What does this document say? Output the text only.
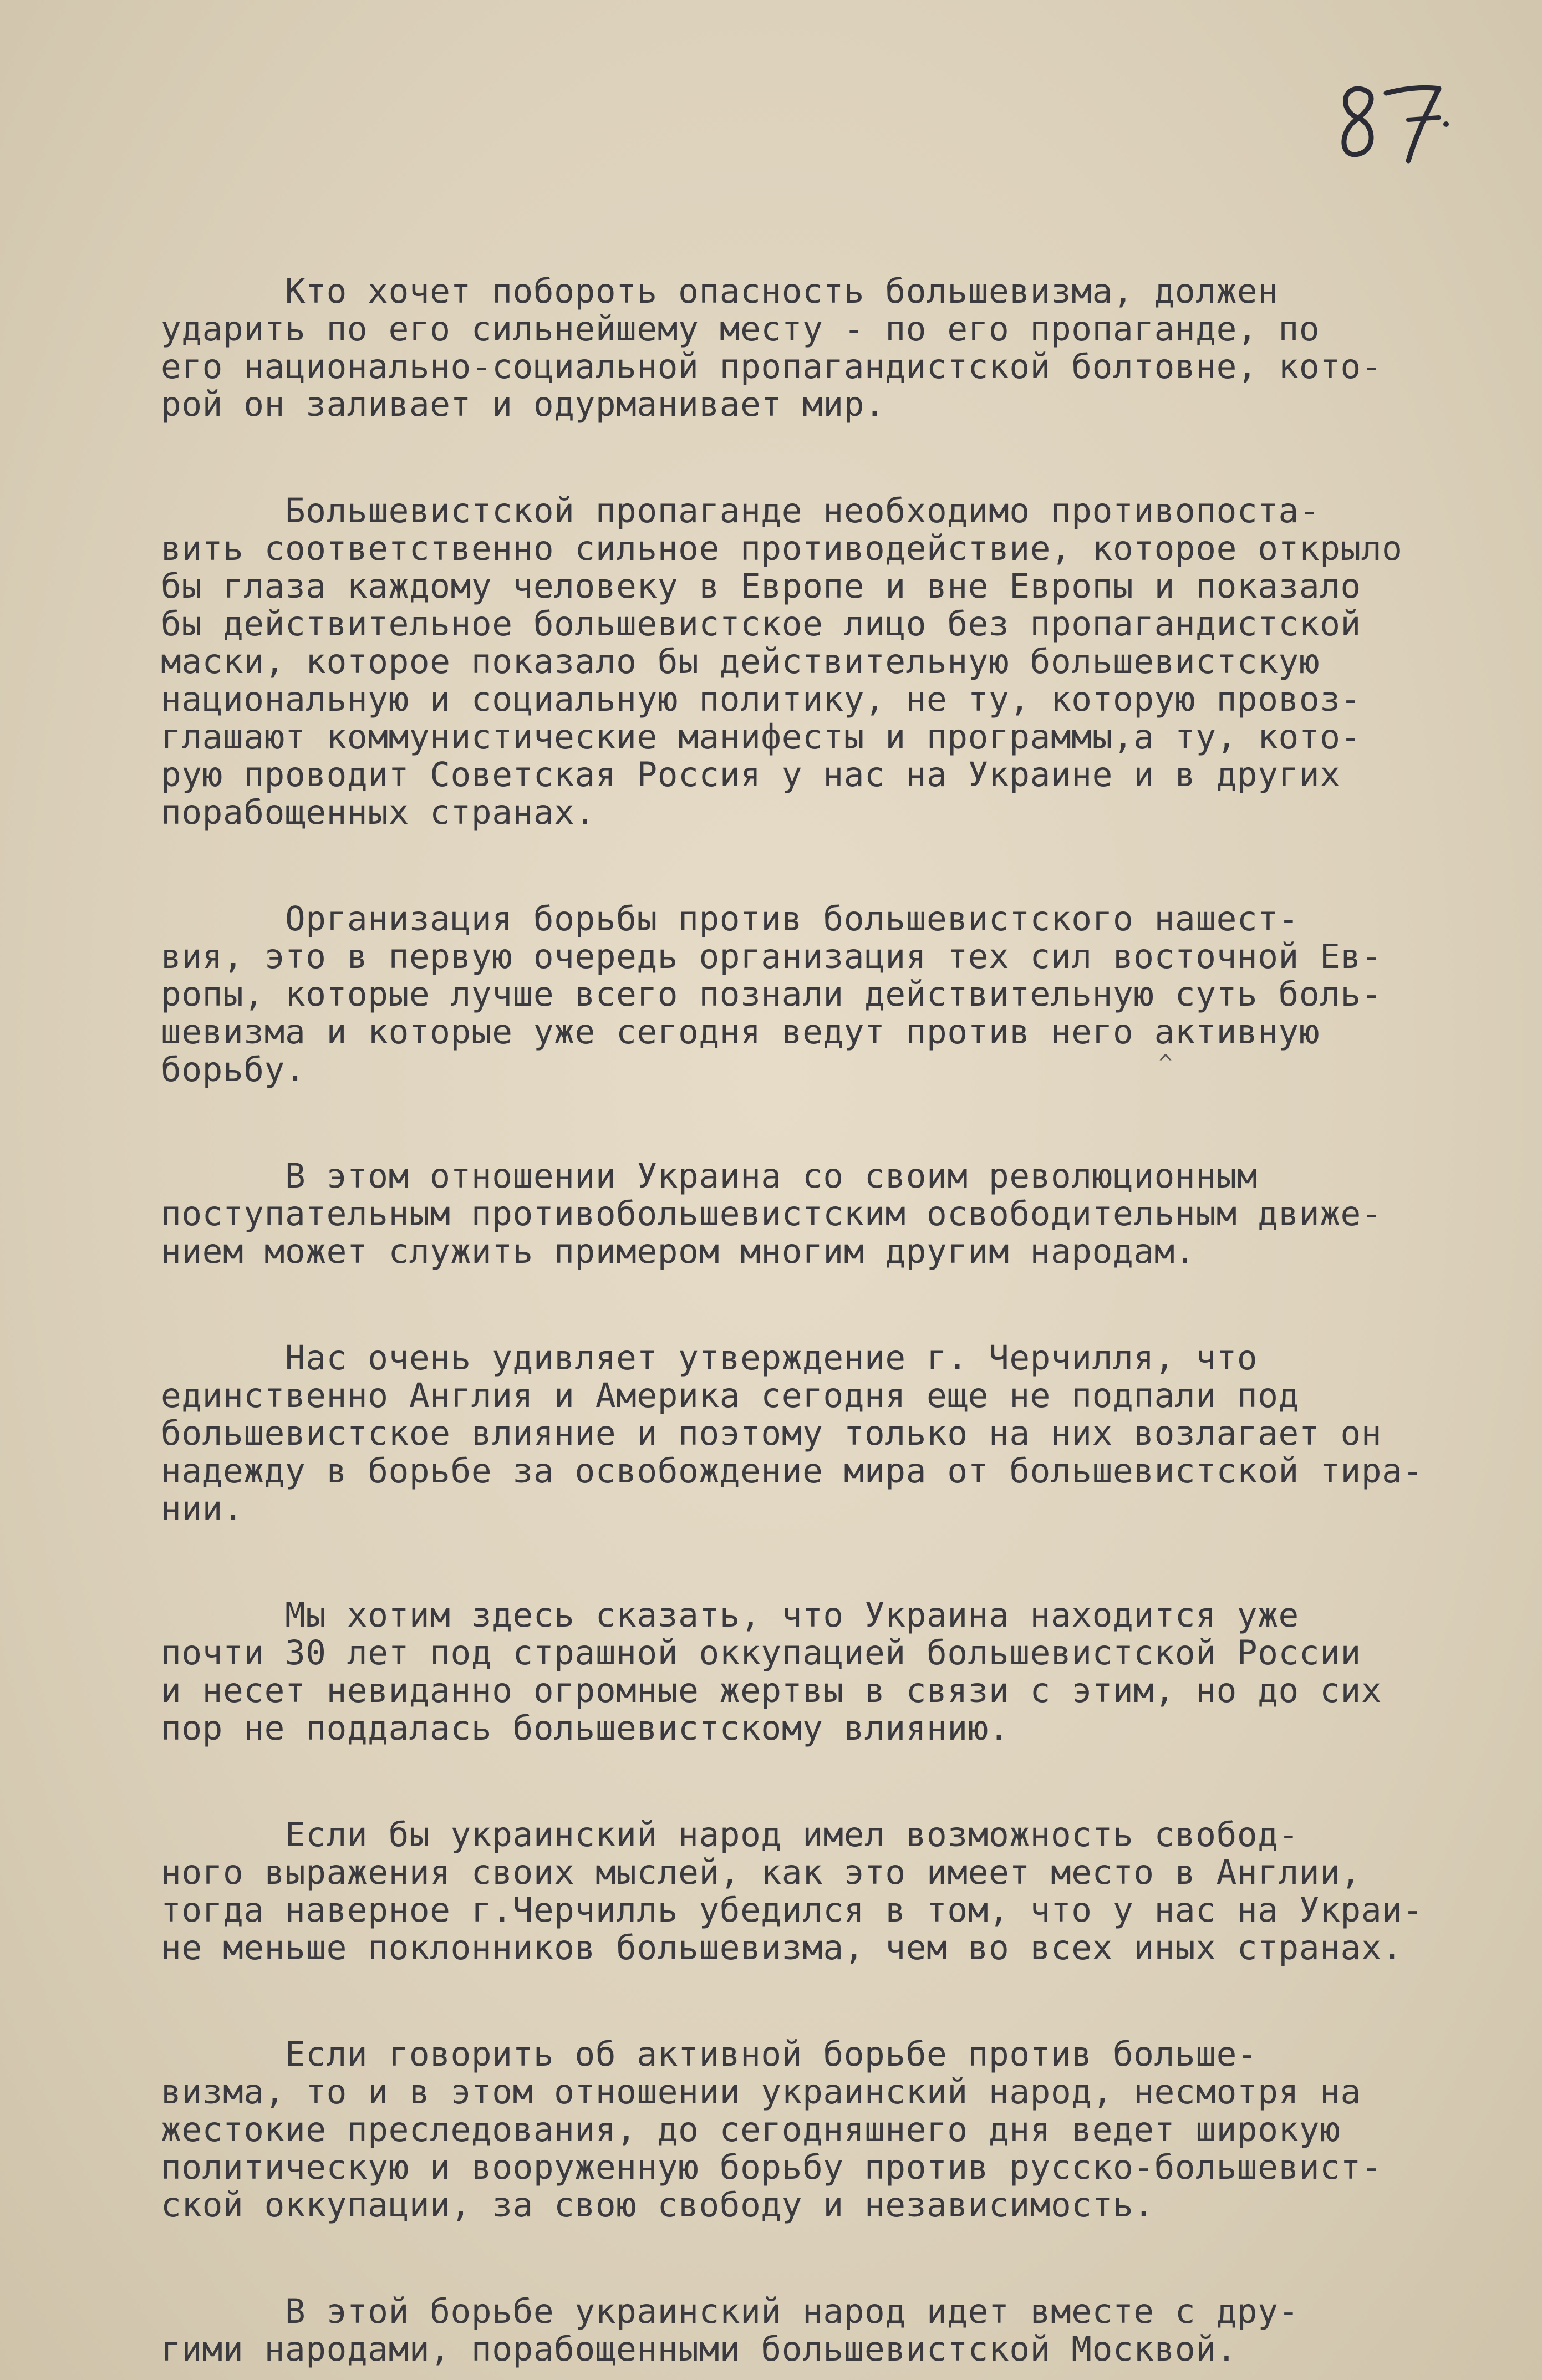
Кто хочет побороть опасность большевизма, должен
ударить по его сильнейшему месту - по его пропаганде, по
его национально-социальной пропагандистской болтовне, кото-
рой он заливает и одурманивает мир.
Большевистской пропаганде необходимо противопоста-
вить соответственно сильное противодействие, которое открыло
бы глаза каждому человеку в Европе и вне Европы и показало
бы действительное большевистское лицо без пропагандистской
маски, которое показало бы действительную большевистскую
национальную и социальную политику, не ту, которую провоз-
глашают коммунистические манифесты и программы,а ту, кото-
рую проводит Советская Россия у нас на Украине и в других
порабощенных странах.
Организация борьбы против большевистского нашест-
вия, это в первую очередь организация тех сил восточной Ев-
ропы, которые лучше всего познали действительную суть боль-
шевизма и которые уже сегодня ведут против него активную
борьбу.
В этом отношении Украина со своим революционным
поступательным противобольшевистским освободительным движе-
нием может служить примером многим другим народам.
Нас очень удивляет утверждение г. Черчилля, что
единственно Англия и Америка сегодня еще не подпали под
большевистское влияние и поэтому только на них возлагает он
надежду в борьбе за освобождение мира от большевистской тира-
нии.
Мы хотим здесь сказать, что Украина находится уже
почти 30 лет под страшной оккупацией большевистской России
и несет невиданно огромные жертвы в связи с этим, но до сих
пор не поддалась большевистскому влиянию.
Если бы украинский народ имел возможность свобод-
ного выражения своих мыслей, как это имеет место в Англии,
тогда наверное г.Черчилль убедился в том, что у нас на Украи-
не меньше поклонников большевизма, чем во всех иных странах.
Если говорить об активной борьбе против больше-
визма, то и в этом отношении украинский народ, несмотря на
жестокие преследования, до сегодняшнего дня ведет широкую
политическую и вооруженную борьбу против русско-большевист-
ской оккупации, за свою свободу и независимость.
В этой борьбе украинский народ идет вместе с дру-
гими народами, порабощенными большевистской Москвой.
^
